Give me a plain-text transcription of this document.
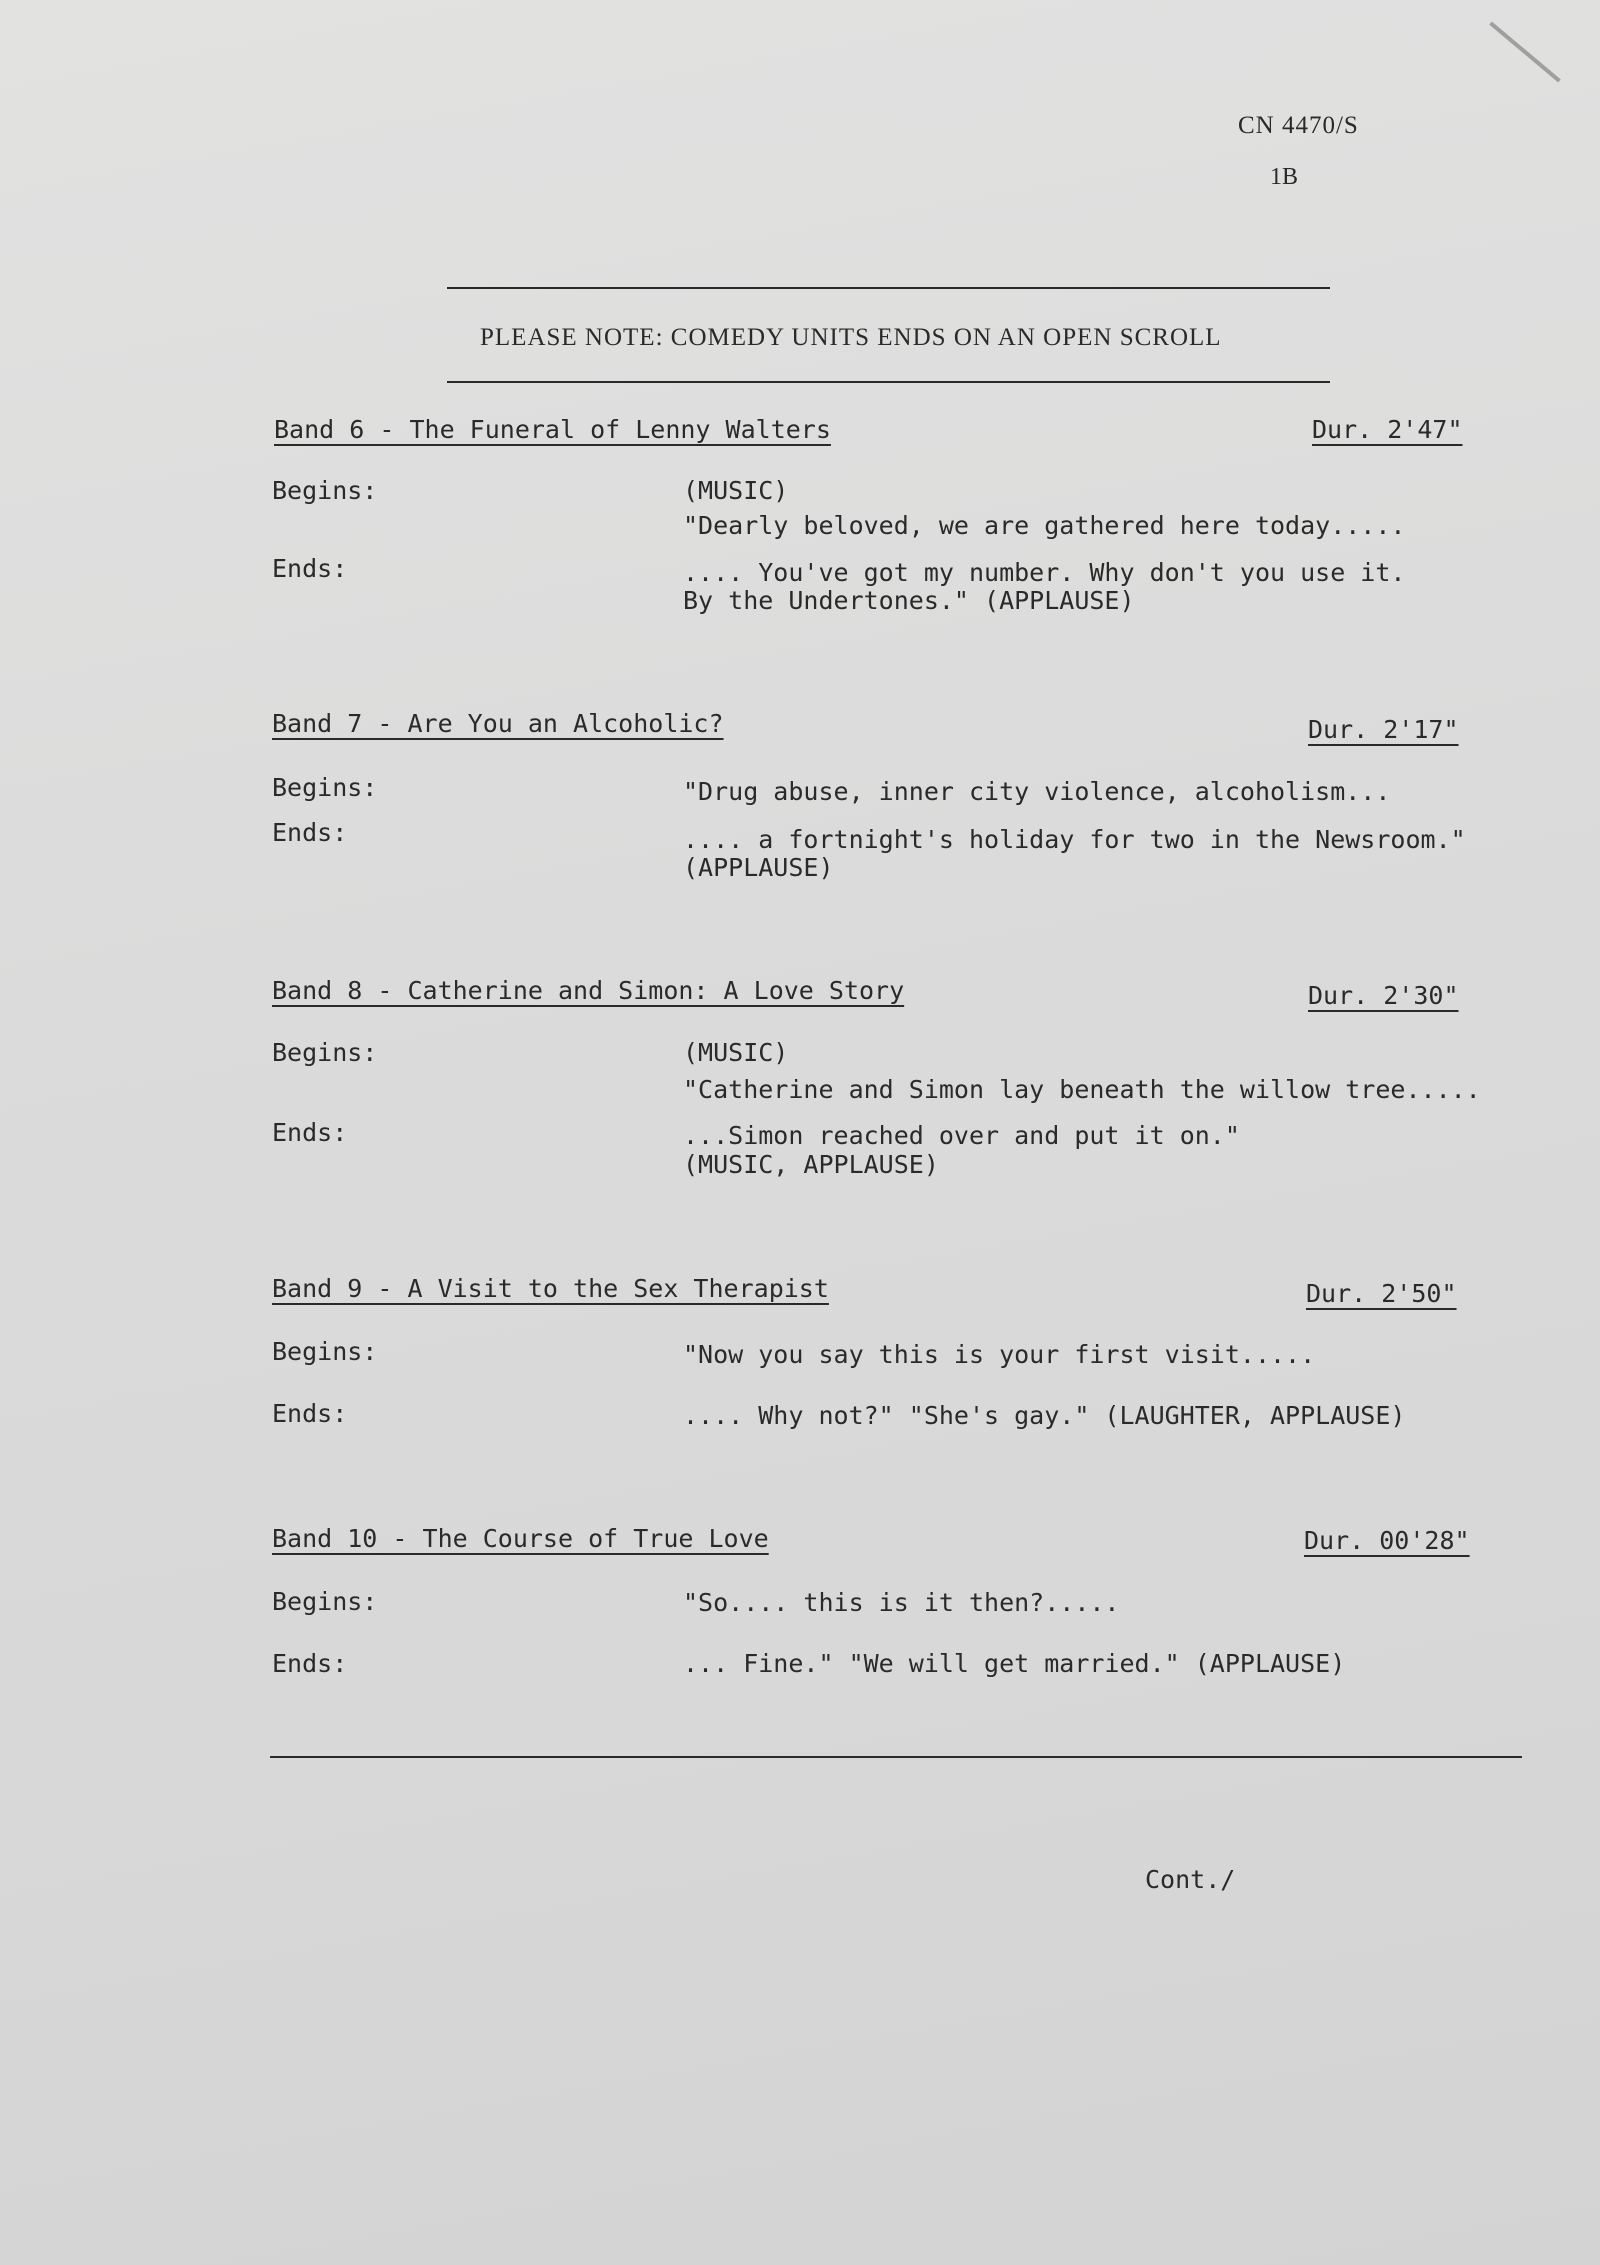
CN 4470/S
1B
PLEASE NOTE: COMEDY UNITS ENDS ON AN OPEN SCROLL
Band 6 - The Funeral of Lenny Walters	Dur. 2'47"
Begins:	(MUSIC)
"Dearly beloved, we are gathered here today.....
Ends:	.... You've got my number. Why don't you use it.
By the Undertones." (APPLAUSE)
Band 7 - Are You an Alcoholic?	Dur. 2'17"
Begins:	"Drug abuse, inner city violence, alcoholism...
Ends:	.... a fortnight's holiday for two in the Newsroom."
(APPLAUSE)
Band 8 - Catherine and Simon: A Love Story	Dur. 2'30"
Begins:	(MUSIC)
"Catherine and Simon lay beneath the willow tree.....
Ends:	...Simon reached over and put it on."
(MUSIC, APPLAUSE)
Band 9 - A Visit to the Sex Therapist	Dur. 2'50"
Begins:	"Now you say this is your first visit.....
Ends:	.... Why not?" "She's gay." (LAUGHTER, APPLAUSE)
Band 10 - The Course of True Love	Dur. 00'28"
Begins:	"So.... this is it then?.....
Ends:	... Fine." "We will get married." (APPLAUSE)
Cont./
